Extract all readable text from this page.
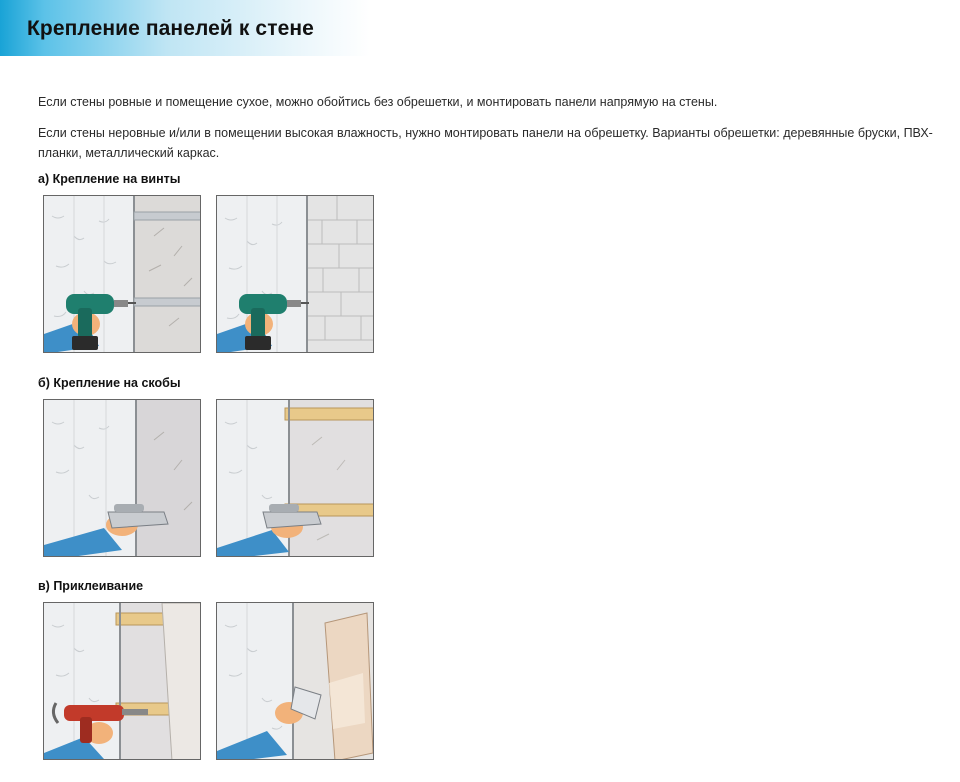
Крепление панелей к стене
Если стены ровные и помещение сухое, можно обойтись без обрешетки, и монтировать панели напрямую на стены.
Если стены неровные и/или в помещении высокая влажность, нужно монтировать панели на обрешетку. Варианты обрешетки: деревянные бруски, ПВХ-планки, металлический каркас.
а) Крепление на винты
б) Крепление на скобы
в) Приклеивание
